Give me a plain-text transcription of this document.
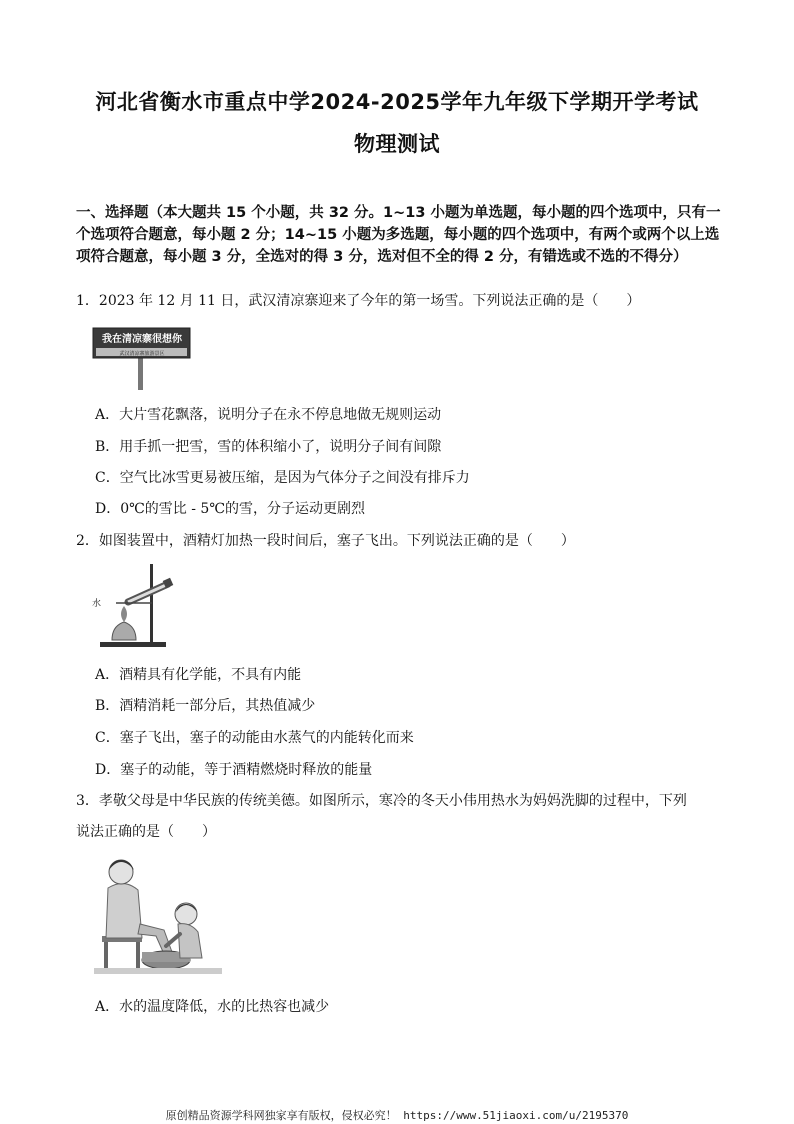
河北省衡水市重点中学2024-2025学年九年级下学期开学考试
物理测试
一、选择题（本大题共 15 个小题，共 32 分。1~13 小题为单选题，每小题的四个选项中，只有一个选项符合题意，每小题 2 分；14~15 小题为多选题，每小题的四个选项中，有两个或两个以上选项符合题意，每小题 3 分，全选对的得 3 分，选对但不全的得 2 分，有错选或不选的不得分）
1．2023 年 12 月 11 日，武汉清凉寨迎来了今年的第一场雪。下列说法正确的是（　　）
我在清凉寨很想你
武汉清凉寨旅游景区
A．大片雪花飘落，说明分子在永不停息地做无规则运动
B．用手抓一把雪，雪的体积缩小了，说明分子间有间隙
C．空气比冰雪更易被压缩，是因为气体分子之间没有排斥力
D．0℃的雪比 - 5℃的雪，分子运动更剧烈
2．如图装置中，酒精灯加热一段时间后，塞子飞出。下列说法正确的是（　　）
水
A．酒精具有化学能，不具有内能
B．酒精消耗一部分后，其热值减少
C．塞子飞出，塞子的动能由水蒸气的内能转化而来
D．塞子的动能，等于酒精燃烧时释放的能量
3．孝敬父母是中华民族的传统美德。如图所示，寒冷的冬天小伟用热水为妈妈洗脚的过程中，下列
说法正确的是（　　）
A．水的温度降低，水的比热容也减少
原创精品资源学科网独家享有版权，侵权必究！ https://www.51jiaoxi.com/u/2195370
